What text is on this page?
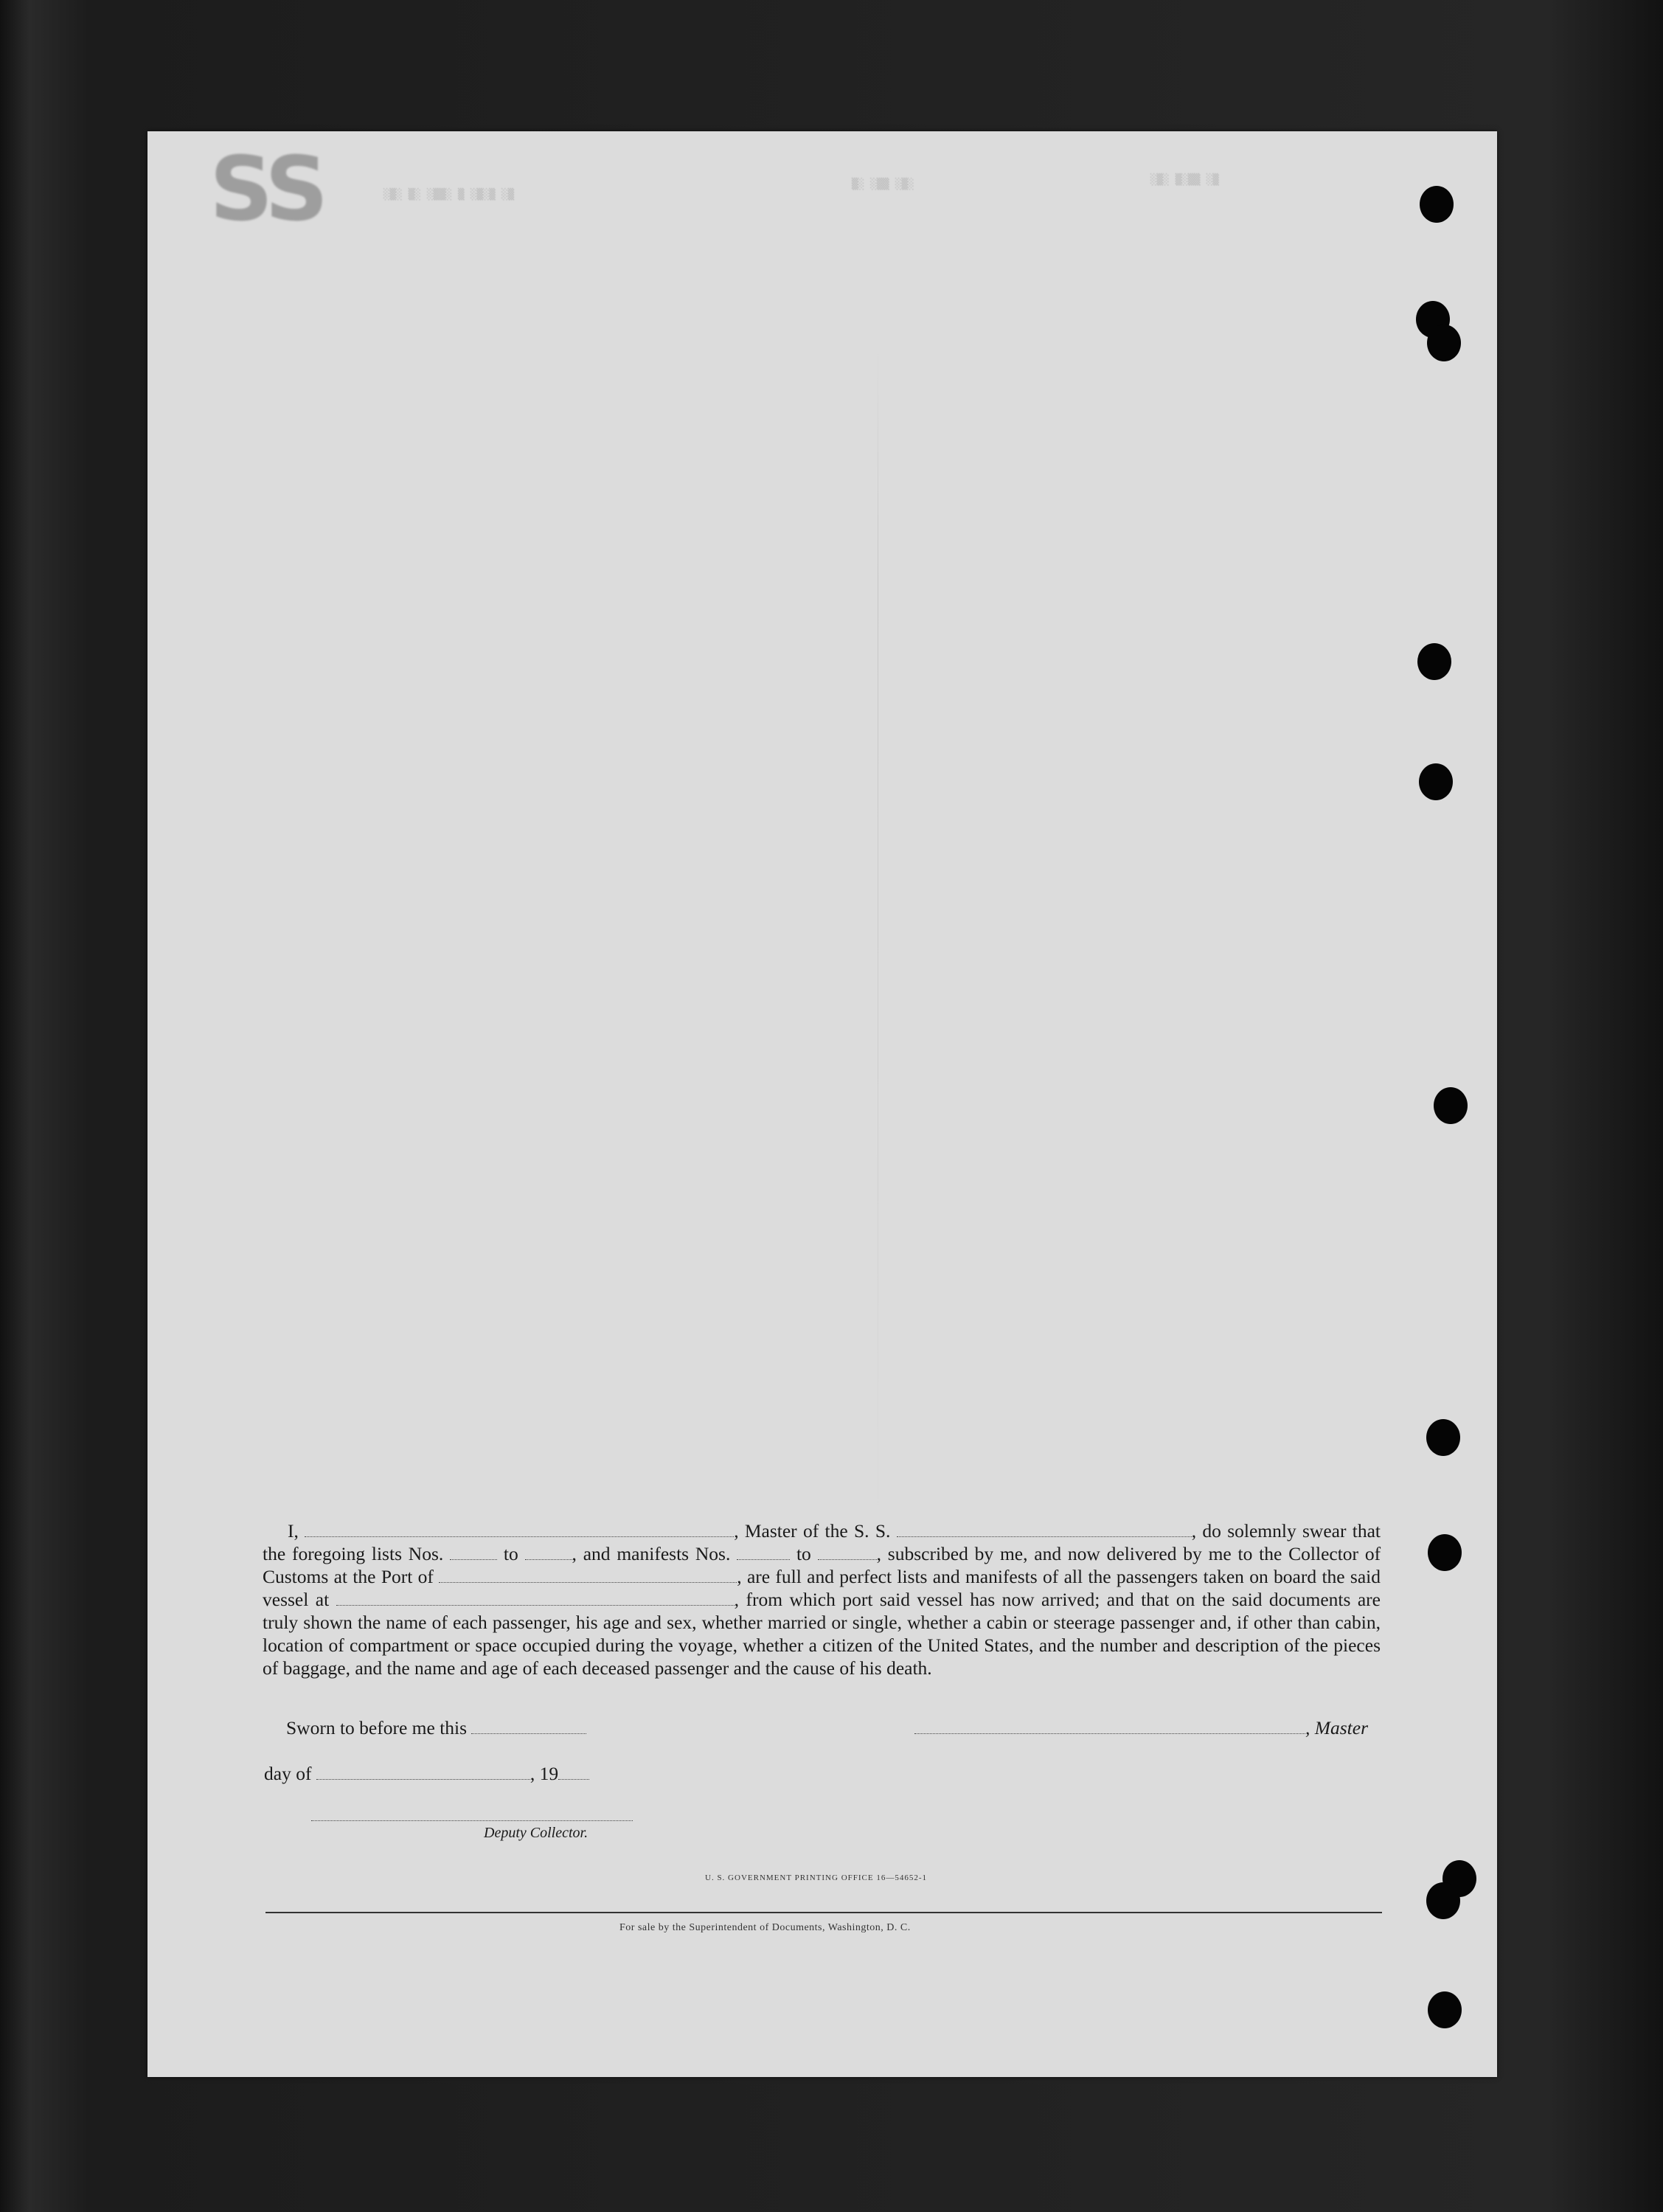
SS	░▒░ ▒░ ░▒▒░ ▒ ░▒░▒ ░▒
▒░ ░▒▒ ░▒░	░▒░ ▒░▒▒ ░▒
I,	, Master of the S. S.	, do solemnly swear that the foregoing lists Nos.	to	, and manifests Nos.	to	, subscribed by me, and now delivered by me to the Collector of Customs at the Port of	, are full and perfect lists and manifests of all the passengers taken on board the said vessel at	, from which port said vessel has now arrived; and that on the said documents are truly shown the name of each passenger, his age and sex, whether married or single, whether a cabin or steerage passenger and, if other than cabin, location of compartment or space occupied during the voyage, whether a citizen of the United States, and the number and description of the pieces of baggage, and the name and age of each deceased passenger and the cause of his death.
Sworn to before me this	, Master
day of	, 19
Deputy Collector.
U. S. GOVERNMENT PRINTING OFFICE 16—54652-1
For sale by the Superintendent of Documents, Washington, D. C.
